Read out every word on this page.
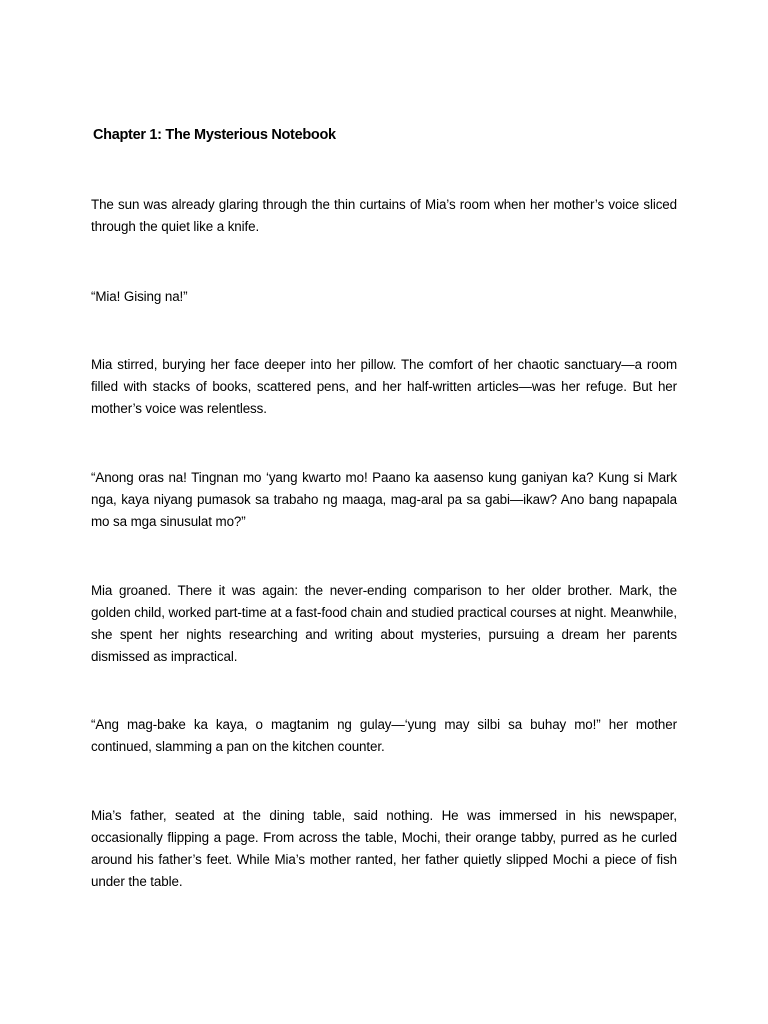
Chapter 1: The Mysterious Notebook

The sun was already glaring through the thin curtains of Mia’s room when her mother’s voice sliced through the quiet like a knife.

“Mia! Gising na!”

Mia stirred, burying her face deeper into her pillow. The comfort of her chaotic sanctuary—a room filled with stacks of books, scattered pens, and her half-written articles—was her refuge. But her mother’s voice was relentless.

“Anong oras na! Tingnan mo ‘yang kwarto mo! Paano ka aasenso kung ganiyan ka? Kung si Mark nga, kaya niyang pumasok sa trabaho ng maaga, mag-aral pa sa gabi—ikaw? Ano bang napapala mo sa mga sinusulat mo?”

Mia groaned. There it was again: the never-ending comparison to her older brother. Mark, the golden child, worked part-time at a fast-food chain and studied practical courses at night. Meanwhile, she spent her nights researching and writing about mysteries, pursuing a dream her parents dismissed as impractical.

“Ang mag-bake ka kaya, o magtanim ng gulay—‘yung may silbi sa buhay mo!” her mother continued, slamming a pan on the kitchen counter.

Mia’s father, seated at the dining table, said nothing. He was immersed in his newspaper, occasionally flipping a page. From across the table, Mochi, their orange tabby, purred as he curled around his father’s feet. While Mia’s mother ranted, her father quietly slipped Mochi a piece of fish under the table.
